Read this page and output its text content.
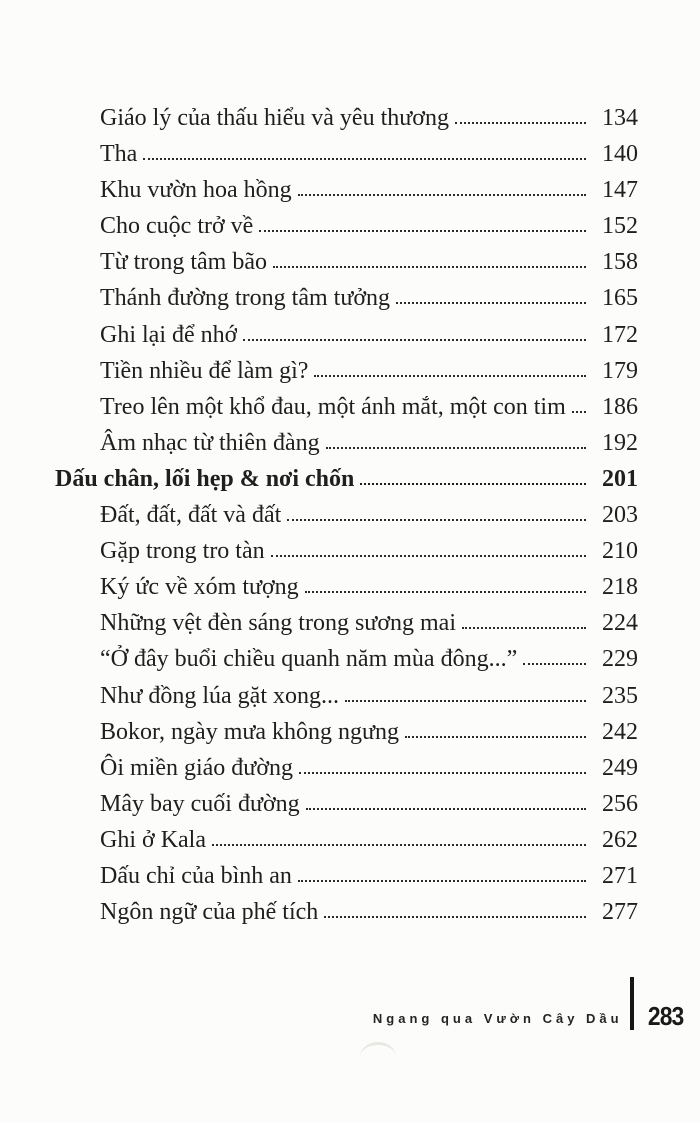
Giáo lý của thấu hiểu và yêu thương	134
Tha	140
Khu vườn hoa hồng	147
Cho cuộc trở về	152
Từ trong tâm bão	158
Thánh đường trong tâm tưởng	165
Ghi lại để nhớ	172
Tiền nhiều để làm gì?	179
Treo lên một khổ đau, một ánh mắt, một con tim	186
Âm nhạc từ thiên đàng	192
Dấu chân, lối hẹp & nơi chốn	201
Đất, đất, đất và đất	203
Gặp trong tro tàn	210
Ký ức về xóm tượng	218
Những vệt đèn sáng trong sương mai	224
“Ở đây buổi chiều quanh năm mùa đông...”	229
Như đồng lúa gặt xong...	235
Bokor, ngày mưa không ngưng	242
Ôi miền giáo đường	249
Mây bay cuối đường	256
Ghi ở Kala	262
Dấu chỉ của bình an	271
Ngôn ngữ của phế tích	277
Ngang qua Vườn Cây Dầu 283
